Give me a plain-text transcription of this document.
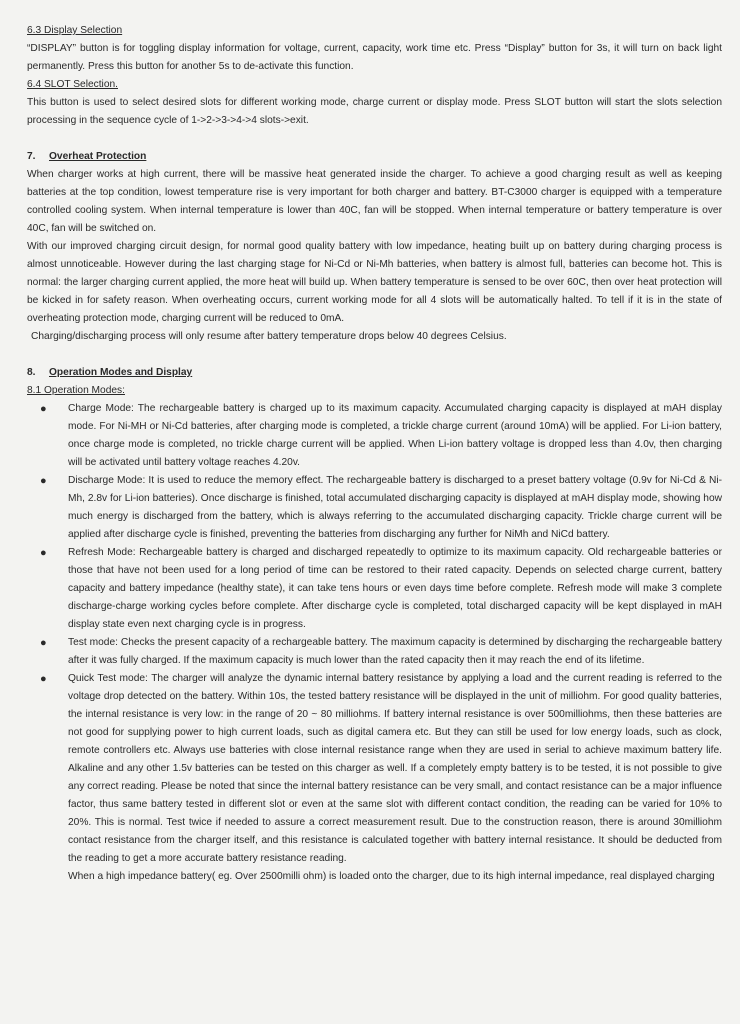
6.3 Display Selection

“DISPLAY” button is for toggling display information for voltage, current, capacity, work time etc. Press “Display” button for 3s, it will turn on back light permanently. Press this button for another 5s to de-activate this function.

6.4 SLOT Selection.

This button is used to select desired slots for different working mode, charge current or display mode. Press SLOT button will start the slots selection processing in the sequence cycle of 1->2->3->4->4 slots->exit.

7.	Overheat Protection

When charger works at high current, there will be massive heat generated inside the charger. To achieve a good charging result as well as keeping batteries at the top condition, lowest temperature rise is very important for both charger and battery. BT-C3000 charger is equipped with a temperature controlled cooling system. When internal temperature is lower than 40C, fan will be stopped. When internal temperature or battery temperature is over 40C, fan will be switched on.

With our improved charging circuit design, for normal good quality battery with low impedance, heating built up on battery during charging process is almost unnoticeable. However during the last charging stage for Ni-Cd or Ni-Mh batteries, when battery is almost full, batteries can become hot. This is normal: the larger charging current applied, the more heat will build up. When battery temperature is sensed to be over 60C, then over heat protection will be kicked in for safety reason. When overheating occurs, current working mode for all 4 slots will be automatically halted. To tell if it is in the state of overheating protection mode, charging current will be reduced to 0mA.

Charging/discharging process will only resume after battery temperature drops below 40 degrees Celsius.

8.	Operation Modes and Display
8.1 Operation Modes:
● Charge Mode: The rechargeable battery is charged up to its maximum capacity. Accumulated charging capacity is displayed at mAH display mode. For Ni-MH or Ni-Cd batteries, after charging mode is completed, a trickle charge current (around 10mA) will be applied. For Li-ion battery, once charge mode is completed, no trickle charge current will be applied. When Li-ion battery voltage is dropped less than 4.0v, then charging will be activated until battery voltage reaches 4.20v.
● Discharge Mode: It is used to reduce the memory effect. The rechargeable battery is discharged to a preset battery voltage (0.9v for Ni-Cd & Ni-Mh, 2.8v for Li-ion batteries). Once discharge is finished, total accumulated discharging capacity is displayed at mAH display mode, showing how much energy is discharged from the battery, which is always referring to the accumulated discharging capacity. Trickle charge current will be applied after discharge cycle is finished, preventing the batteries from discharging any further for NiMh and NiCd battery.
● Refresh Mode: Rechargeable battery is charged and discharged repeatedly to optimize to its maximum capacity. Old rechargeable batteries or those that have not been used for a long period of time can be restored to their rated capacity. Depends on selected charge current, battery capacity and battery impedance (healthy state), it can take tens hours or even days time before complete. Refresh mode will make 3 complete discharge-charge working cycles before complete. After discharge cycle is completed, total discharged capacity will be kept displayed in mAH display state even next charging cycle is in progress.
● Test mode: Checks the present capacity of a rechargeable battery. The maximum capacity is determined by discharging the rechargeable battery after it was fully charged. If the maximum capacity is much lower than the rated capacity then it may reach the end of its lifetime.
● Quick Test mode: The charger will analyze the dynamic internal battery resistance by applying a load and the current reading is referred to the voltage drop detected on the battery. Within 10s, the tested battery resistance will be displayed in the unit of milliohm. For good quality batteries, the internal resistance is very low: in the range of 20 ~ 80 milliohms. If battery internal resistance is over 500milliohms, then these batteries are not good for supplying power to high current loads, such as digital camera etc. But they can still be used for low energy loads, such as clock, remote controllers etc. Always use batteries with close internal resistance range when they are used in serial to achieve maximum battery life. Alkaline and any other 1.5v batteries can be tested on this charger as well. If a completely empty battery is to be tested, it is not possible to give any correct reading. Please be noted that since the internal battery resistance can be very small, and contact resistance can be a major influence factor, thus same battery tested in different slot or even at the same slot with different contact condition, the reading can be varied for 10% to 20%. This is normal. Test twice if needed to assure a correct measurement result. Due to the construction reason, there is around 30milliohm contact resistance from the charger itself, and this resistance is calculated together with battery internal resistance. It should be deducted from the reading to get a more accurate battery resistance reading.
When a high impedance battery( eg. Over 2500milli ohm) is loaded onto the charger, due to its high internal impedance, real displayed charging
